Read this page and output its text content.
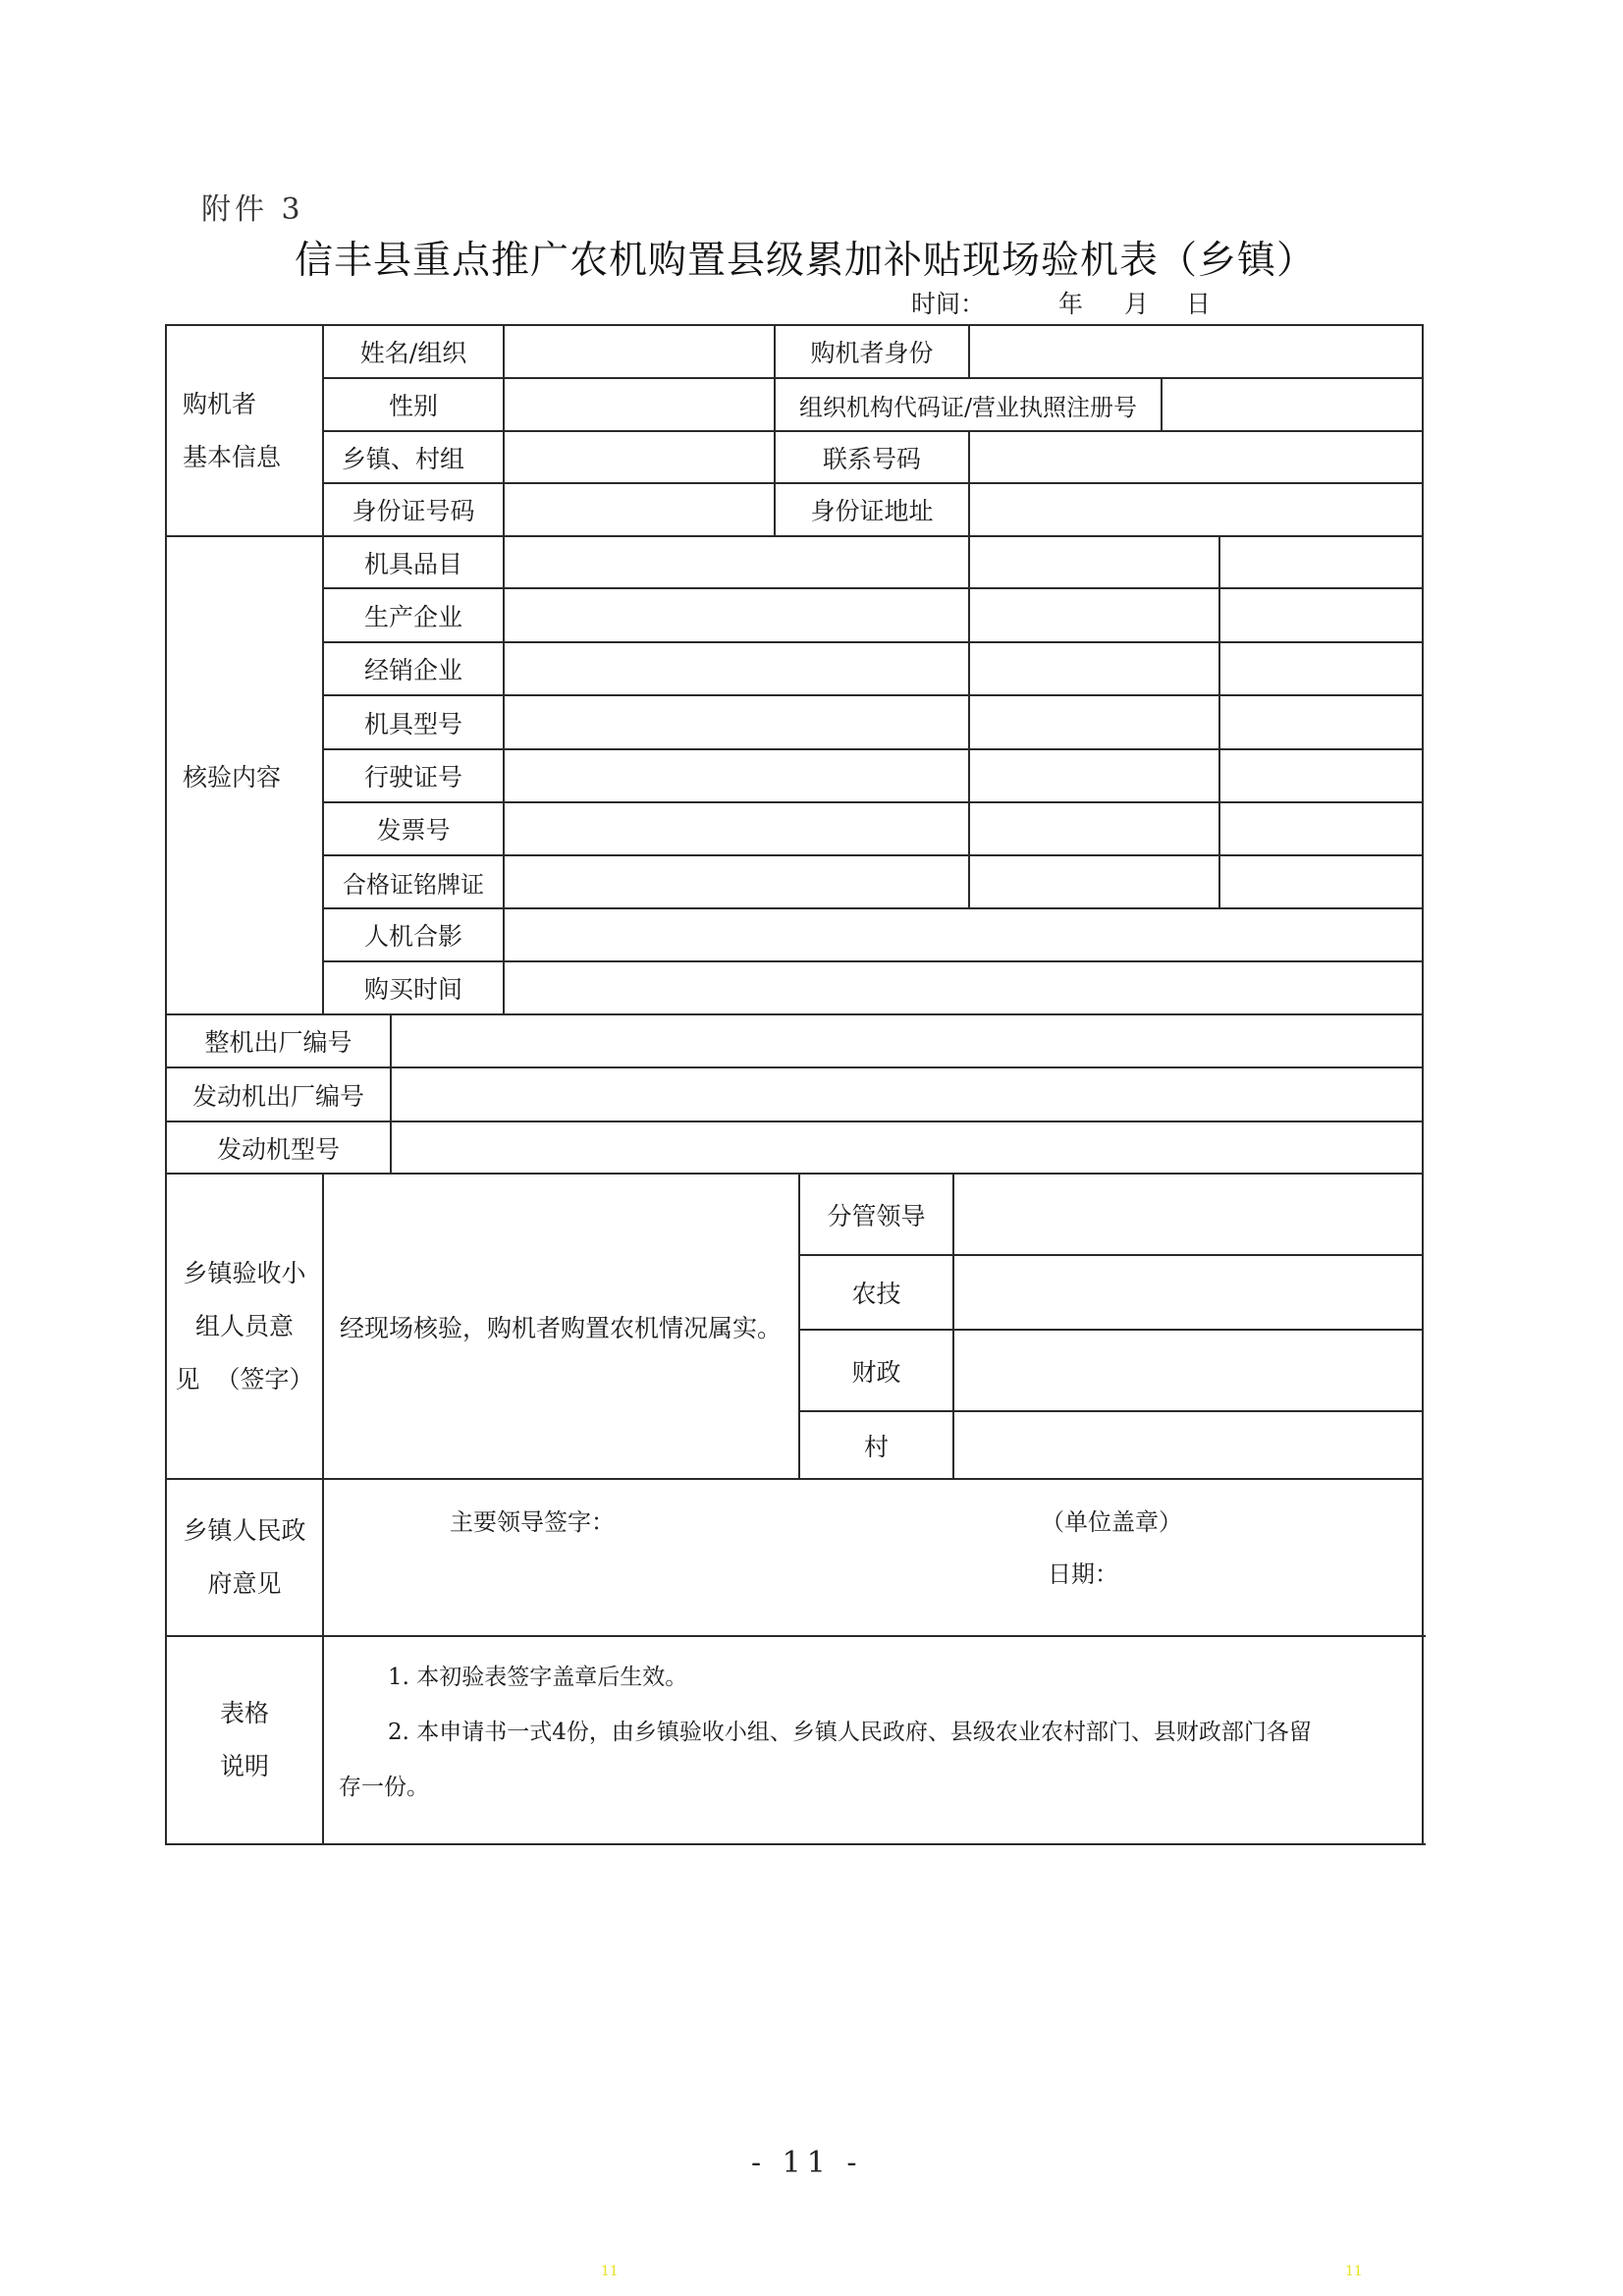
附件 3
信丰县重点推广农机购置县级累加补贴现场验机表（乡镇）
时间：	年 月 日
购机者
基本信息
姓名/组织	购机者身份
性别	组织机构代码证/营业执照注册号
乡镇、村组	联系号码
身份证号码	身份证地址
核验内容
机具品目
生产企业
经销企业
机具型号
行驶证号
发票号
合格证铭牌证
人机合影
购买时间
整机出厂编号
发动机出厂编号
发动机型号
乡镇验收小
组人员意
见  （签字）
经现场核验，购机者购置农机情况属实。
分管领导
农技
财政
村
乡镇人民政
府意见
主要领导签字：	（单位盖章）
日期：
表格
说明
1. 本初验表签字盖章后生效。
2. 本申请书一式4份，由乡镇验收小组、乡镇人民政府、县级农业农村部门、县财政部门各留
存一份。
- 11 -
11	11
